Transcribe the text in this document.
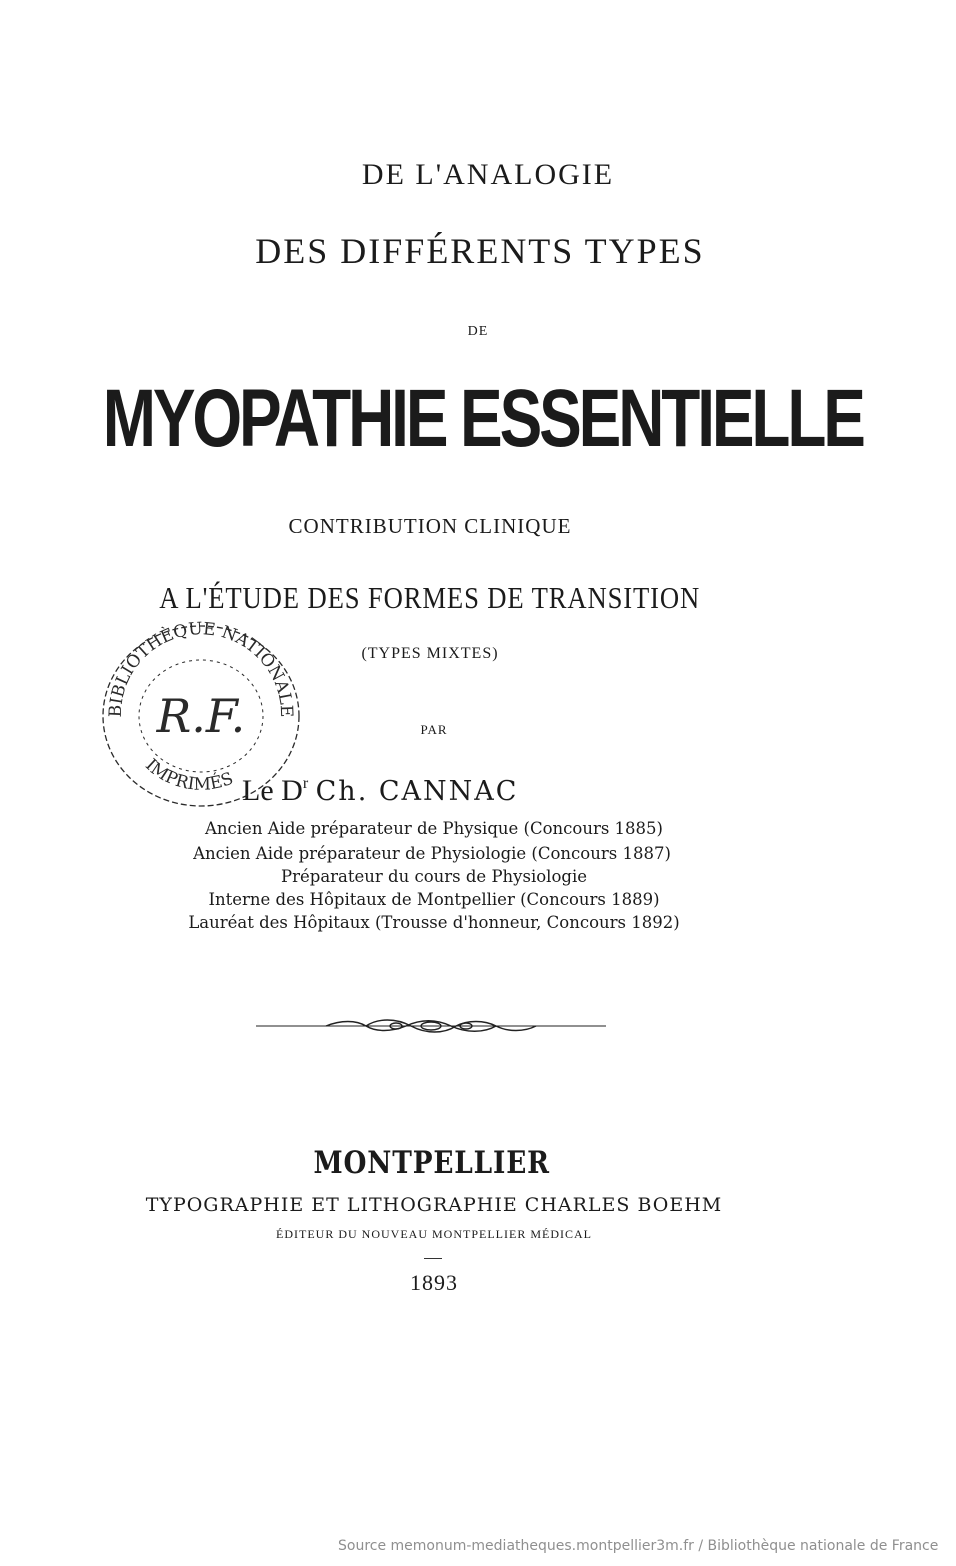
DE L'ANALOGIE

DES DIFFÉRENTS TYPES

DE

MYOPATHIE ESSENTIELLE

CONTRIBUTION CLINIQUE

A L'ÉTUDE DES FORMES DE TRANSITION

(TYPES MIXTES)

PAR

Le $D^r$ Ch. CANNAC

Ancien Aide préparateur de Physique (Concours 1885)

Ancien Aide préparateur de Physiologie (Concours 1887)

Préparateur du cours de Physiologie

Interne des Hôpitaux de Montpellier (Concours 1889)

Lauréat des Hôpitaux (Trousse d'honneur, Concours 1892)

BIBLIOTHÈQUE NATIONALE
IMPRIMÉS
R.F.

MONTPELLIER

TYPOGRAPHIE ET LITHOGRAPHIE CHARLES BOEHM

ÉDITEUR DU NOUVEAU MONTPELLIER MÉDICAL

1893

Source memonum-mediatheques.montpellier3m.fr / Bibliothèque nationale de France
